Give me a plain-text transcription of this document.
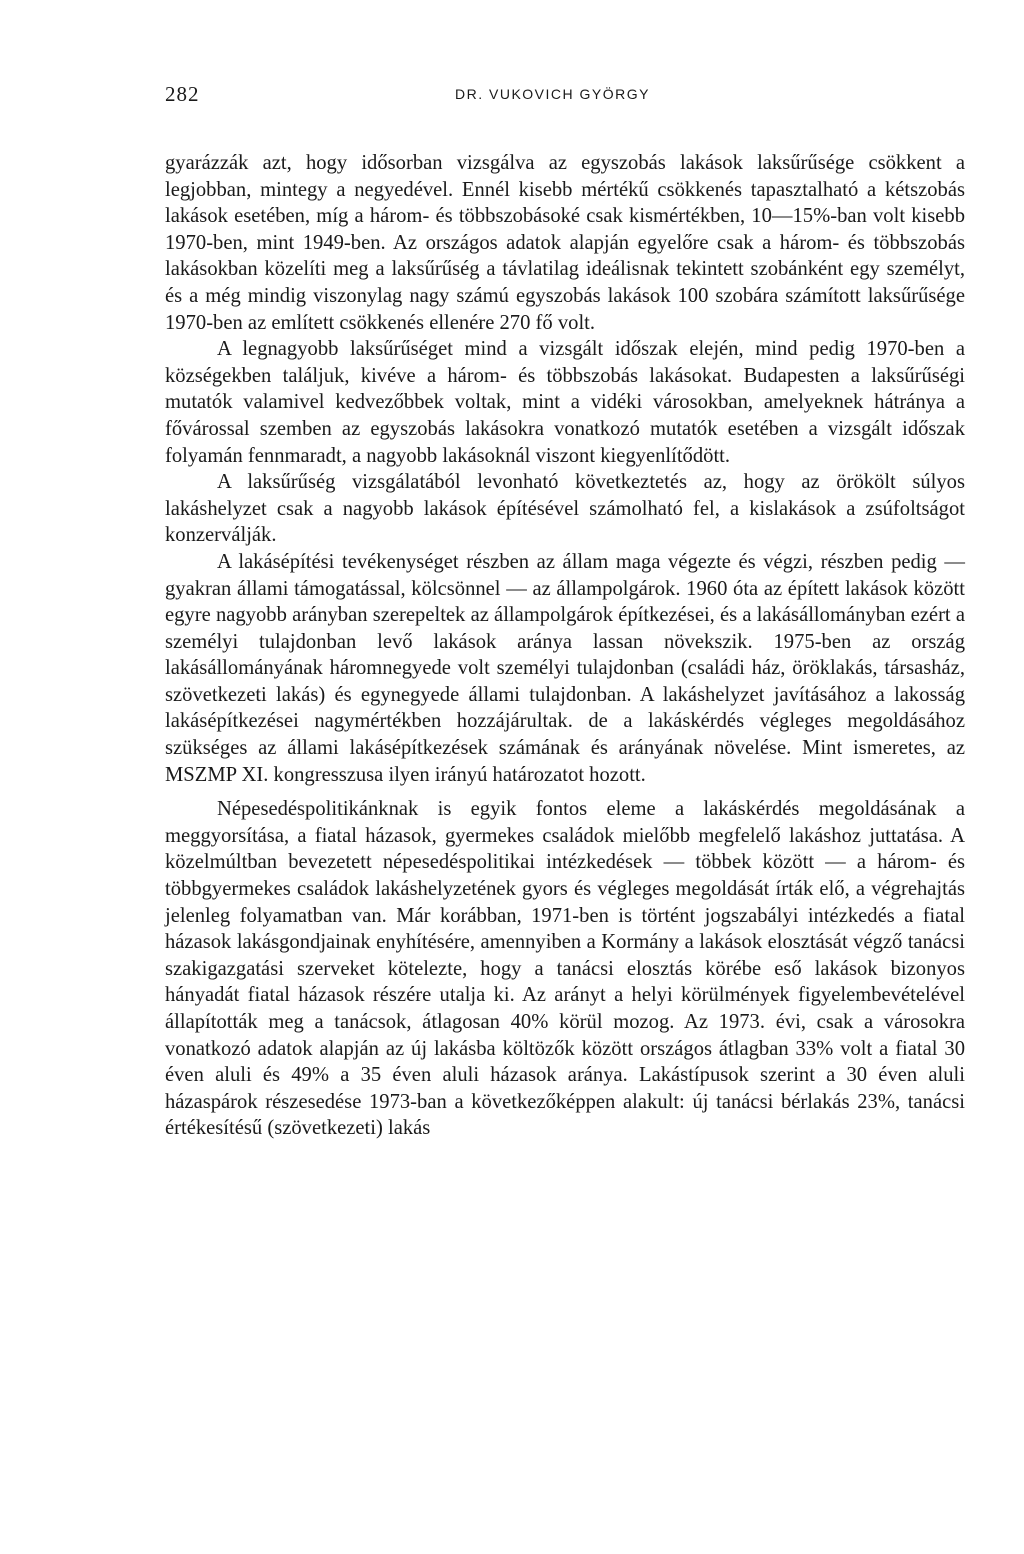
282	DR. VUKOVICH GYÖRGY

gyarázzák azt, hogy idősorban vizsgálva az egyszobás lakások laksűrűsége csökkent a legjobban, mintegy a negyedével. Ennél kisebb mértékű csökkenés tapasztalható a kétszobás lakások esetében, míg a három- és többszobásoké csak kismértékben, 10—15%-ban volt kisebb 1970-ben, mint 1949-ben. Az országos adatok alapján egyelőre csak a három- és többszobás lakásokban közelíti meg a laksűrűség a távlatilag ideálisnak tekintett szobánként egy személyt, és a még mindig viszonylag nagy számú egyszobás lakások 100 szobára számított laksűrűsége 1970-ben az említett csökkenés ellenére 270 fő volt.

A legnagyobb laksűrűséget mind a vizsgált időszak elején, mind pedig 1970-ben a községekben találjuk, kivéve a három- és többszobás lakásokat. Budapesten a laksűrűségi mutatók valamivel kedvezőbbek voltak, mint a vidéki városokban, amelyeknek hátránya a fővárossal szemben az egyszobás lakásokra vonatkozó mutatók esetében a vizsgált időszak folyamán fennmaradt, a nagyobb lakásoknál viszont kiegyenlítődött.

A laksűrűség vizsgálatából levonható következtetés az, hogy az örökölt súlyos lakáshelyzet csak a nagyobb lakások építésével számolható fel, a kislakások a zsúfoltságot konzerválják.

A lakásépítési tevékenységet részben az állam maga végezte és végzi, részben pedig — gyakran állami támogatással, kölcsönnel — az állampolgárok. 1960 óta az épített lakások között egyre nagyobb arányban szerepeltek az állampolgárok építkezései, és a lakásállományban ezért a személyi tulajdonban levő lakások aránya lassan növekszik. 1975-ben az ország lakásállományának háromnegyede volt személyi tulajdonban (családi ház, öröklakás, társasház, szövetkezeti lakás) és egynegyede állami tulajdonban. A lakáshelyzet javításához a lakosság lakásépítkezései nagymértékben hozzájárultak. de a lakáskérdés végleges megoldásához szükséges az állami lakásépítkezések számának és arányának növelése. Mint ismeretes, az MSZMP XI. kongresszusa ilyen irányú határozatot hozott.

Népesedéspolitikánknak is egyik fontos eleme a lakáskérdés megoldásának a meggyorsítása, a fiatal házasok, gyermekes családok mielőbb megfelelő lakáshoz juttatása. A közelmúltban bevezetett népesedéspolitikai intézkedések — többek között — a három- és többgyermekes családok lakáshelyzetének gyors és végleges megoldását írták elő, a végrehajtás jelenleg folyamatban van. Már korábban, 1971-ben is történt jogszabályi intézkedés a fiatal házasok lakásgondjainak enyhítésére, amennyiben a Kormány a lakások elosztását végző tanácsi szakigazgatási szerveket kötelezte, hogy a tanácsi elosztás körébe eső lakások bizonyos hányadát fiatal házasok részére utalja ki. Az arányt a helyi körülmények figyelembevételével állapították meg a tanácsok, átlagosan 40% körül mozog. Az 1973. évi, csak a városokra vonatkozó adatok alapján az új lakásba költözők között országos átlagban 33% volt a fiatal 30 éven aluli és 49% a 35 éven aluli házasok aránya. Lakástípusok szerint a 30 éven aluli házaspárok részesedése 1973-ban a következőképpen alakult: új tanácsi bérlakás 23%, tanácsi értékesítésű (szövetkezeti) lakás
